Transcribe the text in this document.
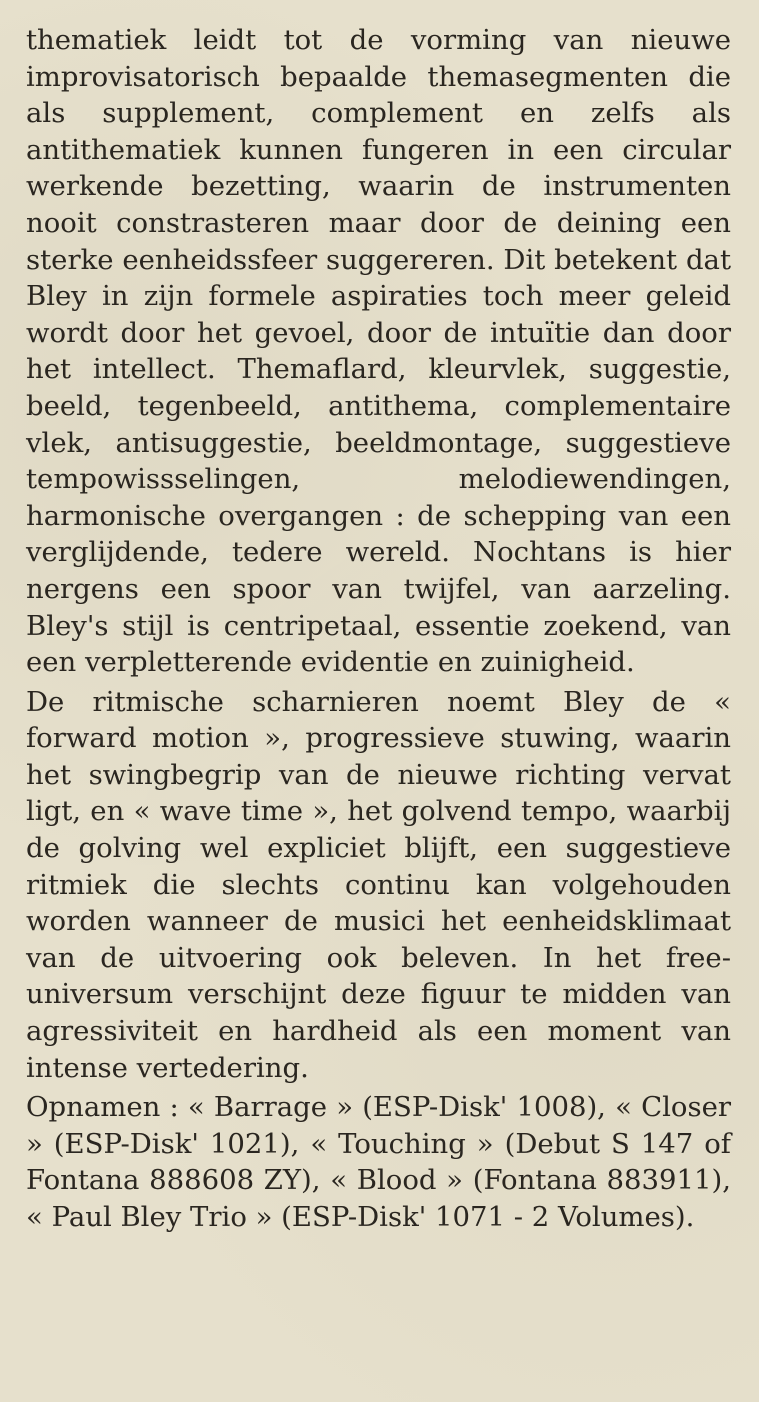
thematiek leidt tot de vorming van nieuwe improvisatorisch bepaalde themasegmenten die als supplement, complement en zelfs als antithematiek kunnen fungeren in een circular werkende bezetting, waarin de instrumenten nooit constrasteren maar door de deining een sterke eenheidssfeer suggereren. Dit betekent dat Bley in zijn formele aspiraties toch meer geleid wordt door het gevoel, door de intuïtie dan door het intellect. Themaflard, kleurvlek, suggestie, beeld, tegenbeeld, antithema, complementaire vlek, antisuggestie, beeldmontage, suggestieve tempowissselingen, melodiewendingen, harmonische overgangen : de schepping van een verglijdende, tedere wereld. Nochtans is hier nergens een spoor van twijfel, van aarzeling. Bley's stijl is centripetaal, essentie zoekend, van een verpletterende evidentie en zuinigheid.

De ritmische scharnieren noemt Bley de « forward motion », progressieve stuwing, waarin het swingbegrip van de nieuwe richting vervat ligt, en « wave time », het golvend tempo, waarbij de golving wel expliciet blijft, een suggestieve ritmiek die slechts continu kan volgehouden worden wanneer de musici het eenheidsklimaat van de uitvoering ook beleven. In het free-universum verschijnt deze figuur te midden van agressiviteit en hardheid als een moment van intense vertedering.

Opnamen : « Barrage » (ESP-Disk' 1008), « Closer » (ESP-Disk' 1021), « Touching » (Debut S 147 of Fontana 888608 ZY), « Blood » (Fontana 883911), « Paul Bley Trio » (ESP-Disk' 1071 - 2 Volumes).
